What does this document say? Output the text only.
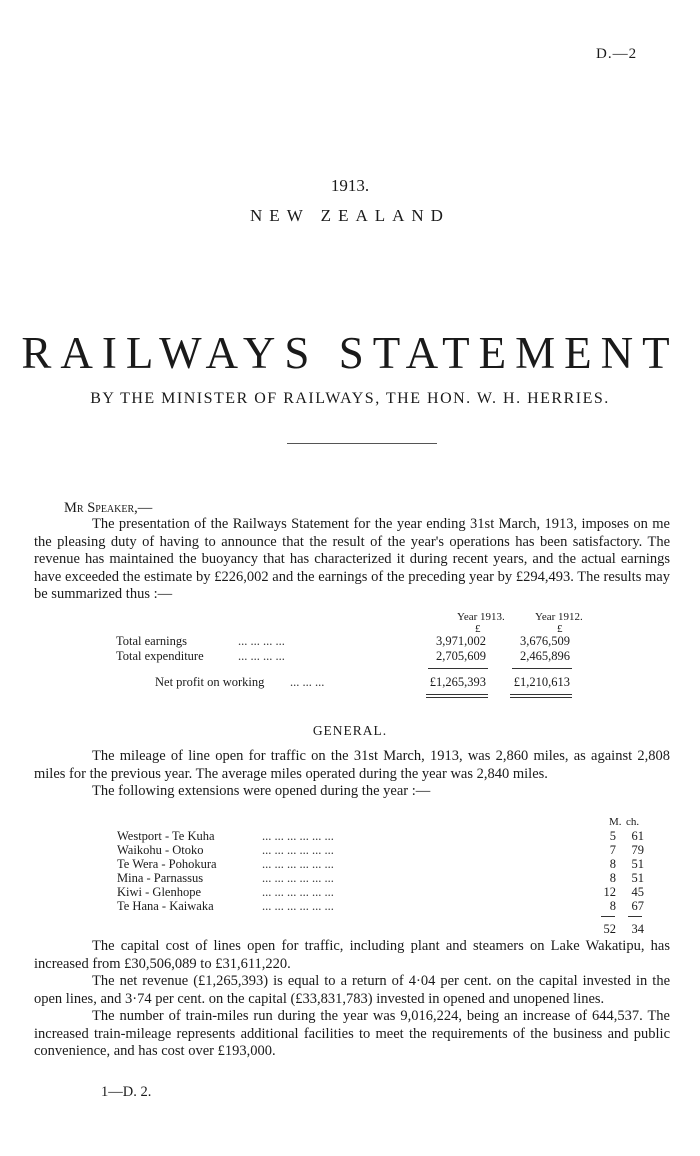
D.—2
1913.
NEW ZEALAND
RAILWAYS STATEMENT
BY THE MINISTER OF RAILWAYS, THE HON. W. H. HERRIES.
Mr Speaker,—
The presentation of the Railways Statement for the year ending 31st March, 1913, imposes on me the pleasing duty of having to announce that the result of the year's operations has been satisfactory. The revenue has maintained the buoyancy that has characterized it during recent years, and the actual earnings have exceeded the estimate by £226,002 and the earnings of the preceding year by £294,493. The results may be summarized thus :—
Year 1913.	Year 1912.
£	£
Total earnings	... ... ... ...	3,971,002	3,676,509
Total expenditure	... ... ... ...	2,705,609	2,465,896
Net profit on working ... ... ...	£1,265,393	£1,210,613
GENERAL.
The mileage of line open for traffic on the 31st March, 1913, was 2,860 miles, as against 2,808 miles for the previous year. The average miles operated during the year was 2,840 miles.
The following extensions were opened during the year :—
M. ch.
Westport - Te Kuha	... ... ... ... ... ...	5	61
Waikohu - Otoko	... ... ... ... ... ...	7	79
Te Wera - Pohokura	... ... ... ... ... ...	8	51
Mina - Parnassus	... ... ... ... ... ...	8	51
Kiwi - Glenhope	... ... ... ... ... ...	12	45
Te Hana - Kaiwaka	... ... ... ... ... ...	8	67
52	34
The capital cost of lines open for traffic, including plant and steamers on Lake Wakatipu, has increased from £30,506,089 to £31,611,220.
The net revenue (£1,265,393) is equal to a return of 4·04 per cent. on the capital invested in the open lines, and 3·74 per cent. on the capital (£33,831,783) invested in opened and unopened lines.
The number of train-miles run during the year was 9,016,224, being an increase of 644,537. The increased train-mileage represents additional facilities to meet the requirements of the business and public convenience, and has cost over £193,000.
1—D. 2.
